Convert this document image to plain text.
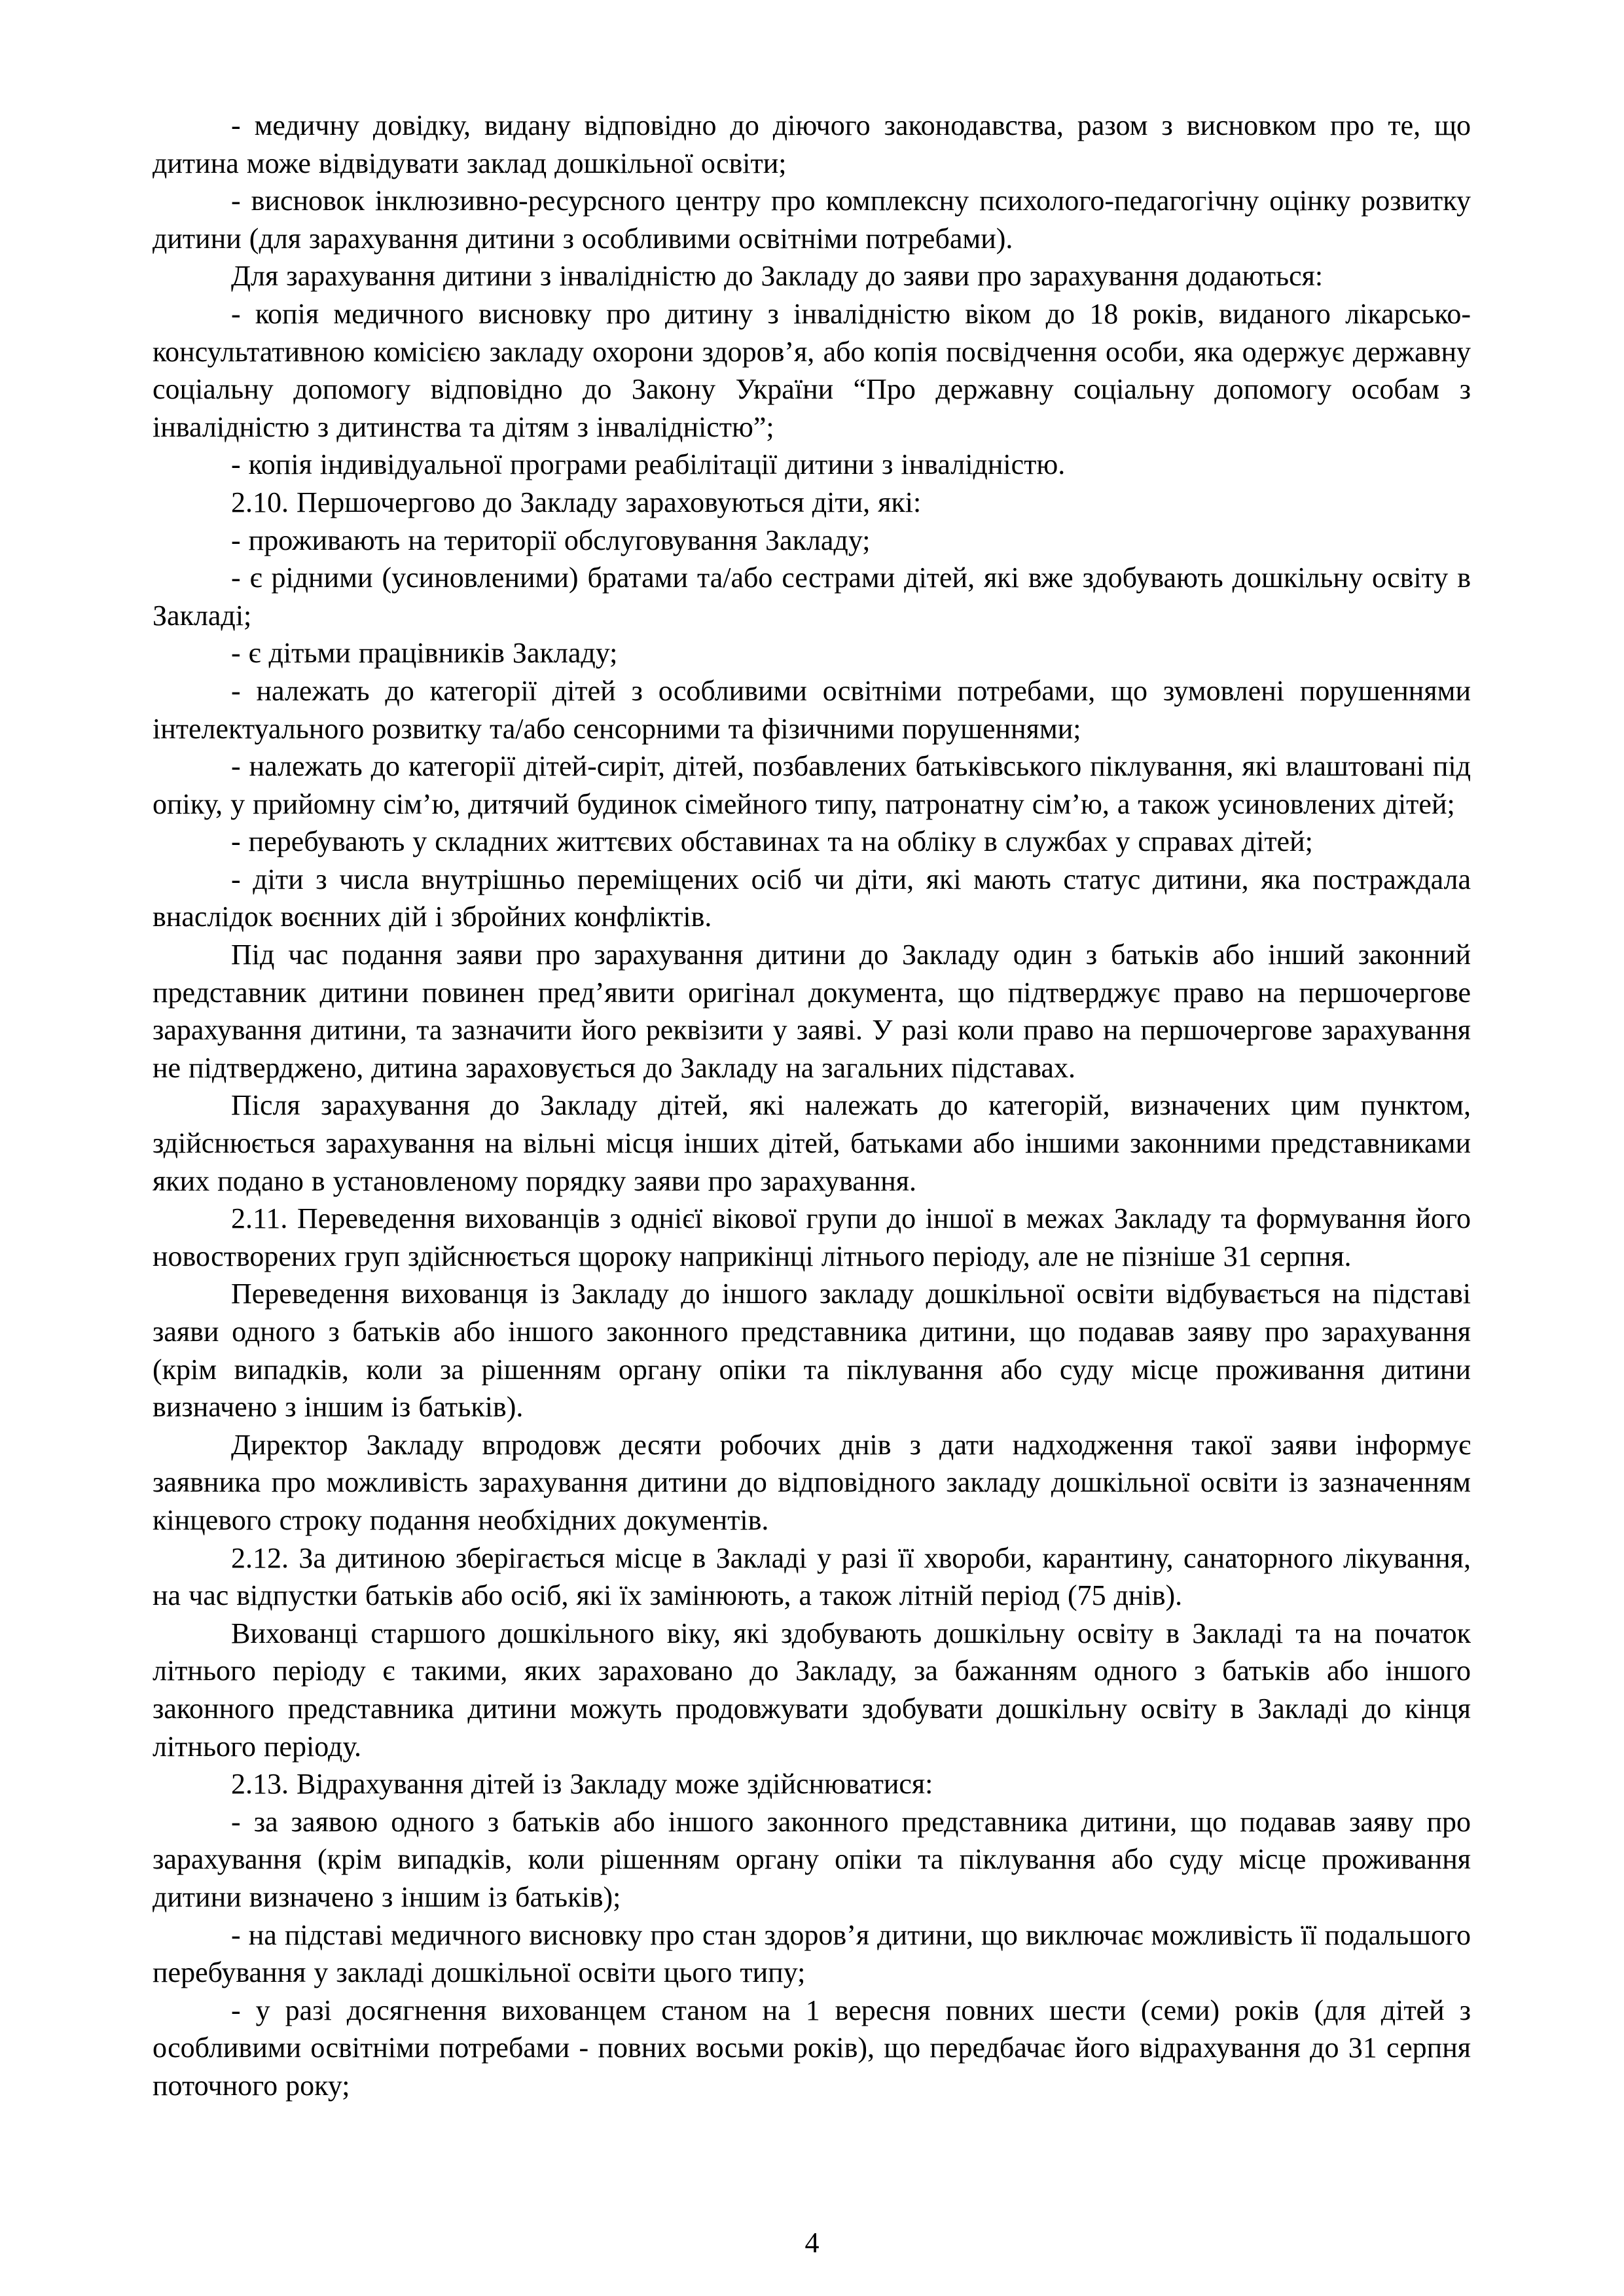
- медичну довідку, видану відповідно до діючого законодавства, разом з висновком про те, що дитина може відвідувати заклад дошкільної освіти;

- висновок інклюзивно-ресурсного центру про комплексну психолого-педагогічну оцінку розвитку дитини (для зарахування дитини з особливими освітніми потребами).

Для зарахування дитини з інвалідністю до Закладу до заяви про зарахування додаються:

- копія медичного висновку про дитину з інвалідністю віком до 18 років, виданого лікарсько-консультативною комісією закладу охорони здоров’я, або копія посвідчення особи, яка одержує державну соціальну допомогу відповідно до Закону України “Про державну соціальну допомогу особам з інвалідністю з дитинства та дітям з інвалідністю”;

- копія індивідуальної програми реабілітації дитини з інвалідністю.

2.10. Першочергово до Закладу зараховуються діти, які:

- проживають на території обслуговування Закладу;

- є рідними (усиновленими) братами та/або сестрами дітей, які вже здобувають дошкільну освіту в Закладі;

- є дітьми працівників Закладу;

- належать до категорії дітей з особливими освітніми потребами, що зумовлені порушеннями інтелектуального розвитку та/або сенсорними та фізичними порушеннями;

- належать до категорії дітей-сиріт, дітей, позбавлених батьківського піклування, які влаштовані під опіку, у прийомну сім’ю, дитячий будинок сімейного типу, патронатну сім’ю, а також усиновлених дітей;

- перебувають у складних життєвих обставинах та на обліку в службах у справах дітей;

- діти з числа внутрішньо переміщених осіб чи діти, які мають статус дитини, яка постраждала внаслідок воєнних дій і збройних конфліктів.

Під час подання заяви про зарахування дитини до Закладу один з батьків або інший законний представник дитини повинен пред’явити оригінал документа, що підтверджує право на першочергове зарахування дитини, та зазначити його реквізити у заяві. У разі коли право на першочергове зарахування не підтверджено, дитина зараховується до Закладу на загальних підставах.

Після зарахування до Закладу дітей, які належать до категорій, визначених цим пунктом, здійснюється зарахування на вільні місця інших дітей, батьками або іншими законними представниками яких подано в установленому порядку заяви про зарахування.

2.11. Переведення вихованців з однієї вікової групи до іншої в межах Закладу та формування його новостворених груп здійснюється щороку наприкінці літнього періоду, але не пізніше 31 серпня.

Переведення вихованця із Закладу до іншого закладу дошкільної освіти відбувається на підставі заяви одного з батьків або іншого законного представника дитини, що подавав заяву про зарахування (крім випадків, коли за рішенням органу опіки та піклування або суду місце проживання дитини визначено з іншим із батьків).

Директор Закладу впродовж десяти робочих днів з дати надходження такої заяви інформує заявника про можливість зарахування дитини до відповідного закладу дошкільної освіти із зазначенням кінцевого строку подання необхідних документів.

2.12. За дитиною зберігається місце в Закладі у разі її хвороби, карантину, санаторного лікування, на час відпустки батьків або осіб, які їх замінюють, а також літній період (75 днів).

Вихованці старшого дошкільного віку, які здобувають дошкільну освіту в Закладі та на початок літнього періоду є такими, яких зараховано до Закладу, за бажанням одного з батьків або іншого законного представника дитини можуть продовжувати здобувати дошкільну освіту в Закладі до кінця літнього періоду.

2.13. Відрахування дітей із Закладу може здійснюватися:

- за заявою одного з батьків або іншого законного представника дитини, що подавав заяву про зарахування (крім випадків, коли рішенням органу опіки та піклування або суду місце проживання дитини визначено з іншим із батьків);

- на підставі медичного висновку про стан здоров’я дитини, що виключає можливість її подальшого перебування у закладі дошкільної освіти цього типу;

- у разі досягнення вихованцем станом на 1 вересня повних шести (семи) років (для дітей з особливими освітніми потребами - повних восьми років), що передбачає його відрахування до 31 серпня поточного року;

4
